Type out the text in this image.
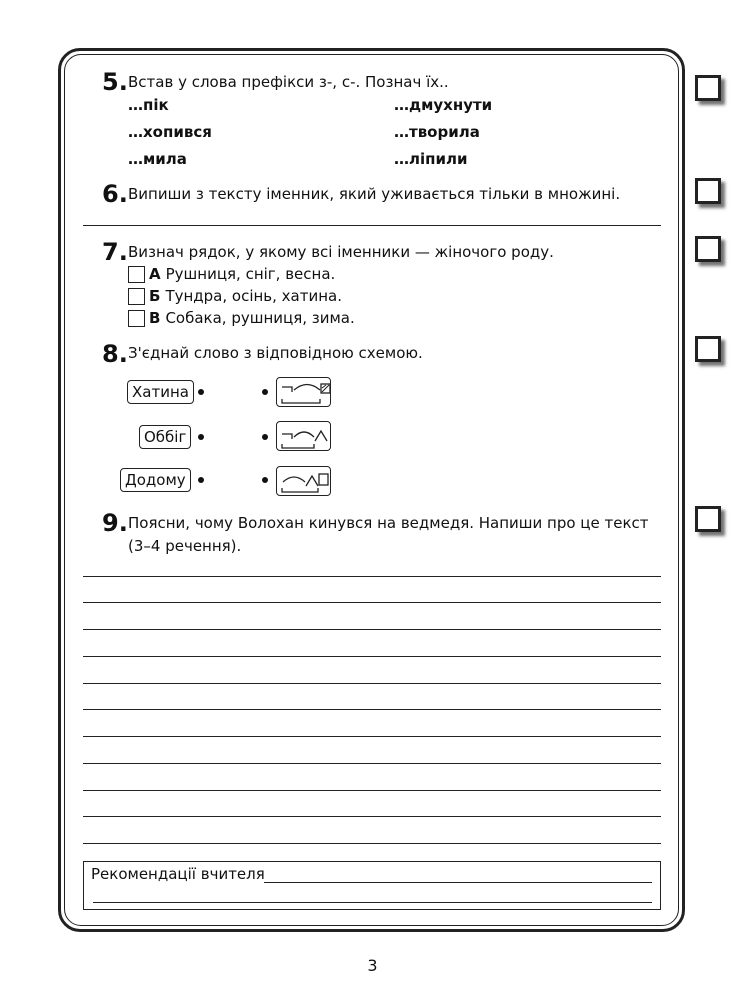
5. Встав у слова префікси з-, с-. Познач їх..
…пік	…дмухнути
…хопився	…творила
…мила	…ліпили
6. Випиши з тексту іменник, який уживається тільки в множині.
7. Визнач рядок, у якому всі іменники — жіночого роду.
А Рушниця, сніг, весна.
Б Тундра, осінь, хатина.
В Собака, рушниця, зима.
8. З'єднай слово з відповідною схемою.
Хатина
Оббіг
Додому
9. Поясни, чому Волохан кинувся на ведмедя. Напиши про це текст
(3–4 речення).
Рекомендації вчителя
3
